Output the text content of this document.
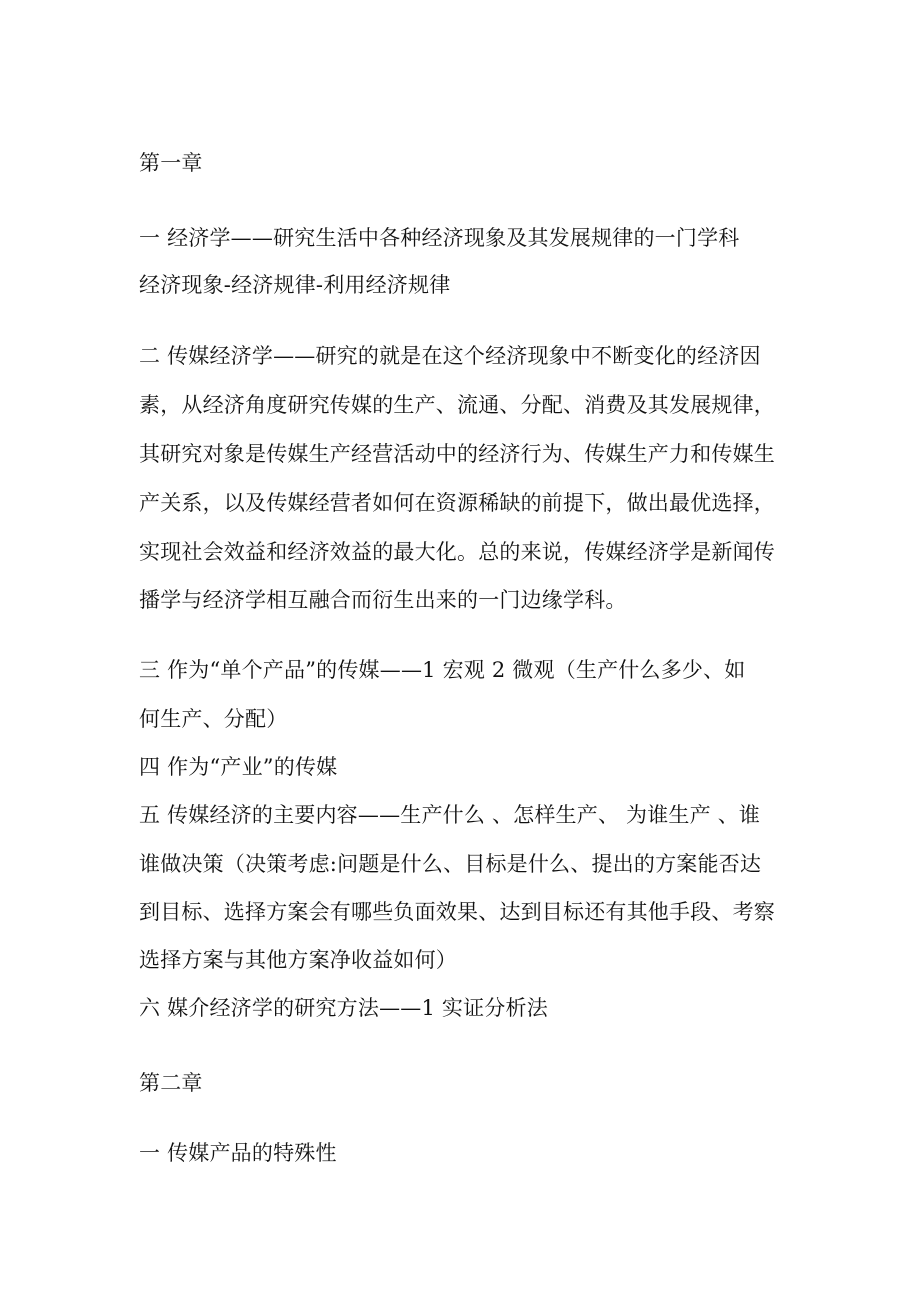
第一章
一 经济学——研究生活中各种经济现象及其发展规律的一门学科
经济现象-经济规律-利用经济规律
二 传媒经济学——研究的就是在这个经济现象中不断变化的经济因
素，从经济角度研究传媒的生产、流通、分配、消费及其发展规律，
其研究对象是传媒生产经营活动中的经济行为、传媒生产力和传媒生
产关系，以及传媒经营者如何在资源稀缺的前提下，做出最优选择，
实现社会效益和经济效益的最大化。总的来说，传媒经济学是新闻传
播学与经济学相互融合而衍生出来的一门边缘学科。
三 作为“单个产品”的传媒——1 宏观 2 微观（生产什么多少、如
何生产、分配）
四 作为“产业”的传媒
五 传媒经济的主要内容——生产什么 、怎样生产、 为谁生产 、谁
谁做决策（决策考虑:问题是什么、目标是什么、提出的方案能否达
到目标、选择方案会有哪些负面效果、达到目标还有其他手段、考察
选择方案与其他方案净收益如何）
六 媒介经济学的研究方法——1 实证分析法
第二章
一 传媒产品的特殊性
